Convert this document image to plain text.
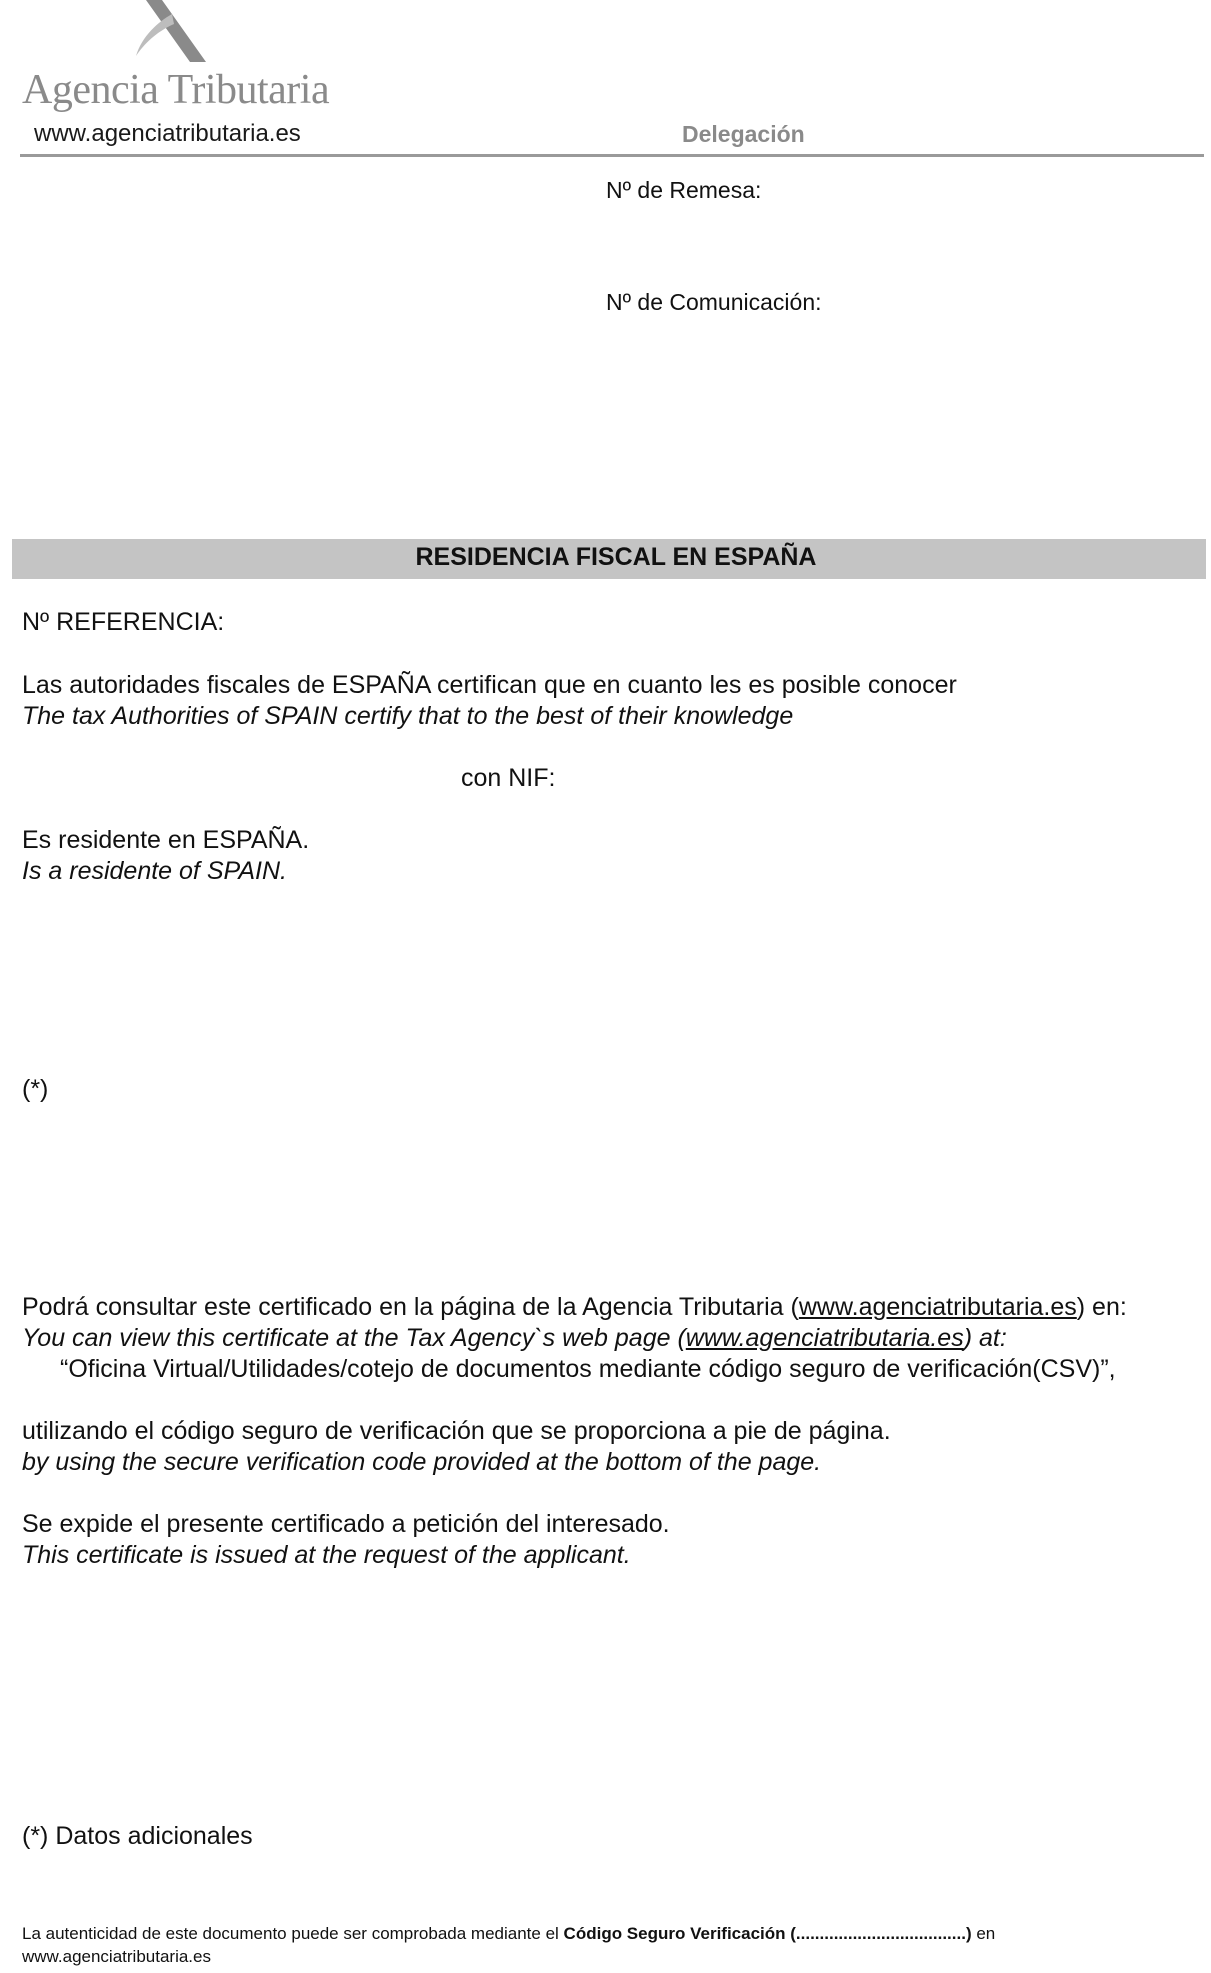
Agencia Tributaria
www.agenciatributaria.es	Delegación
Nº de Remesa:
Nº de Comunicación:
RESIDENCIA FISCAL EN ESPAÑA
Nº REFERENCIA:
Las autoridades fiscales de ESPAÑA certifican que en cuanto les es posible conocer
The tax Authorities of SPAIN certify that to the best of their knowledge
con NIF:
Es residente en ESPAÑA.
Is a residente of SPAIN.
(*)
Podrá consultar este certificado en la página de la Agencia Tributaria (www.agenciatributaria.es) en:
You can view this certificate at the Tax Agency`s web page (www.agenciatributaria.es) at:
“Oficina Virtual/Utilidades/cotejo de documentos mediante código seguro de verificación(CSV)”,
utilizando el código seguro de verificación que se proporciona a pie de página.
by using the secure verification code provided at the bottom of the page.
Se expide el presente certificado a petición del interesado.
This certificate is issued at the request of the applicant.
(*) Datos adicionales
La autenticidad de este documento puede ser comprobada mediante el Código Seguro Verificación (....................................) en
www.agenciatributaria.es
